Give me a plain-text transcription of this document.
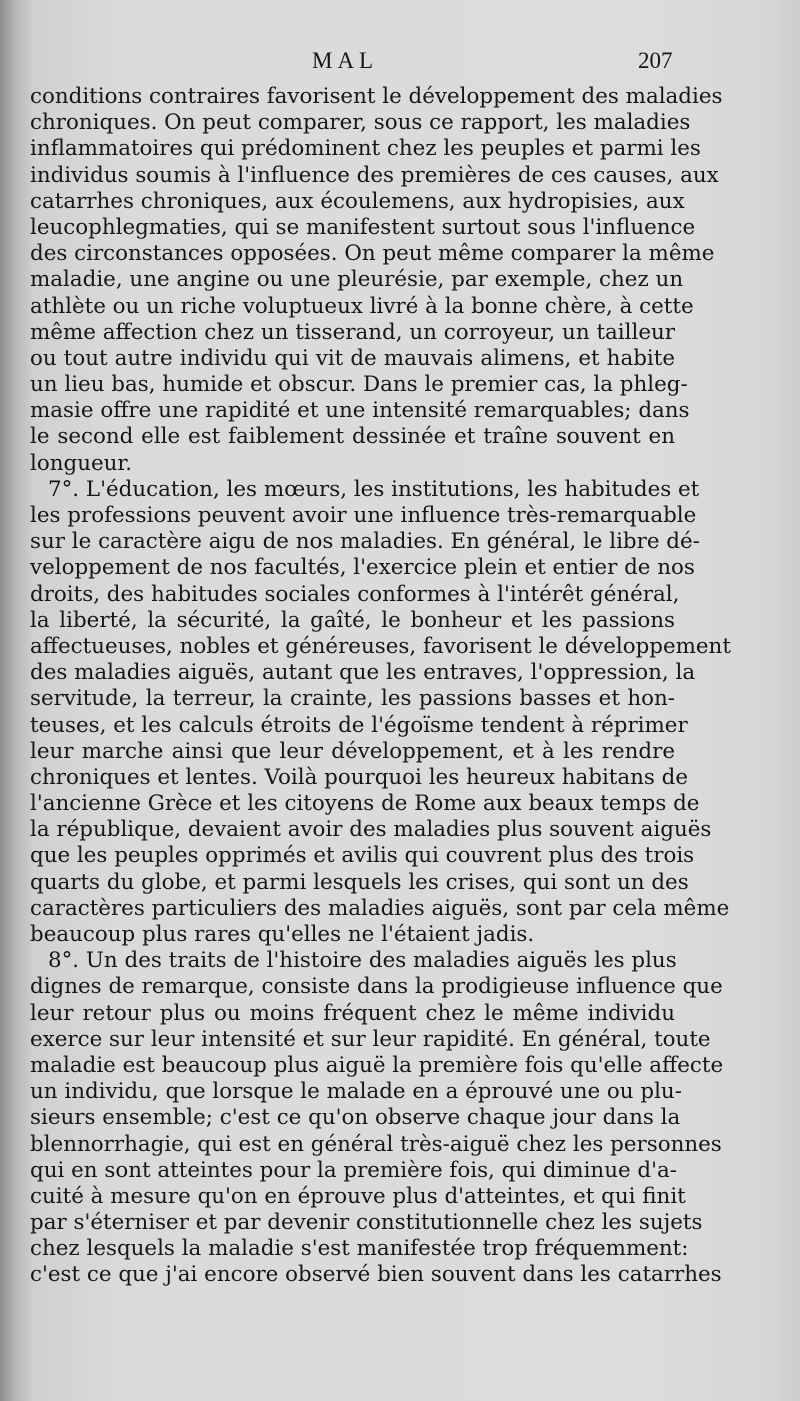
MAL	207
conditions contraires favorisent le développement des maladies
chroniques. On peut comparer, sous ce rapport, les maladies
inflammatoires qui prédominent chez les peuples et parmi les
individus soumis à l'influence des premières de ces causes, aux
catarrhes chroniques, aux écoulemens, aux hydropisies, aux
leucophlegmaties, qui se manifestent surtout sous l'influence
des circonstances opposées. On peut même comparer la même
maladie, une angine ou une pleurésie, par exemple, chez un
athlète ou un riche voluptueux livré à la bonne chère, à cette
même affection chez un tisserand, un corroyeur, un tailleur
ou tout autre individu qui vit de mauvais alimens, et habite
un lieu bas, humide et obscur. Dans le premier cas, la phleg-
masie offre une rapidité et une intensité remarquables; dans
le second elle est faiblement dessinée et traîne souvent en
longueur.
7°. L'éducation, les mœurs, les institutions, les habitudes et
les professions peuvent avoir une influence très-remarquable
sur le caractère aigu de nos maladies. En général, le libre dé-
veloppement de nos facultés, l'exercice plein et entier de nos
droits, des habitudes sociales conformes à l'intérêt général,
la liberté, la sécurité, la gaîté, le bonheur et les passions
affectueuses, nobles et généreuses, favorisent le développement
des maladies aiguës, autant que les entraves, l'oppression, la
servitude, la terreur, la crainte, les passions basses et hon-
teuses, et les calculs étroits de l'égoïsme tendent à réprimer
leur marche ainsi que leur développement, et à les rendre
chroniques et lentes. Voilà pourquoi les heureux habitans de
l'ancienne Grèce et les citoyens de Rome aux beaux temps de
la république, devaient avoir des maladies plus souvent aiguës
que les peuples opprimés et avilis qui couvrent plus des trois
quarts du globe, et parmi lesquels les crises, qui sont un des
caractères particuliers des maladies aiguës, sont par cela même
beaucoup plus rares qu'elles ne l'étaient jadis.
8°. Un des traits de l'histoire des maladies aiguës les plus
dignes de remarque, consiste dans la prodigieuse influence que
leur retour plus ou moins fréquent chez le même individu
exerce sur leur intensité et sur leur rapidité. En général, toute
maladie est beaucoup plus aiguë la première fois qu'elle affecte
un individu, que lorsque le malade en a éprouvé une ou plu-
sieurs ensemble; c'est ce qu'on observe chaque jour dans la
blennorrhagie, qui est en général très-aiguë chez les personnes
qui en sont atteintes pour la première fois, qui diminue d'a-
cuité à mesure qu'on en éprouve plus d'atteintes, et qui finit
par s'éterniser et par devenir constitutionnelle chez les sujets
chez lesquels la maladie s'est manifestée trop fréquemment:
c'est ce que j'ai encore observé bien souvent dans les catarrhes
